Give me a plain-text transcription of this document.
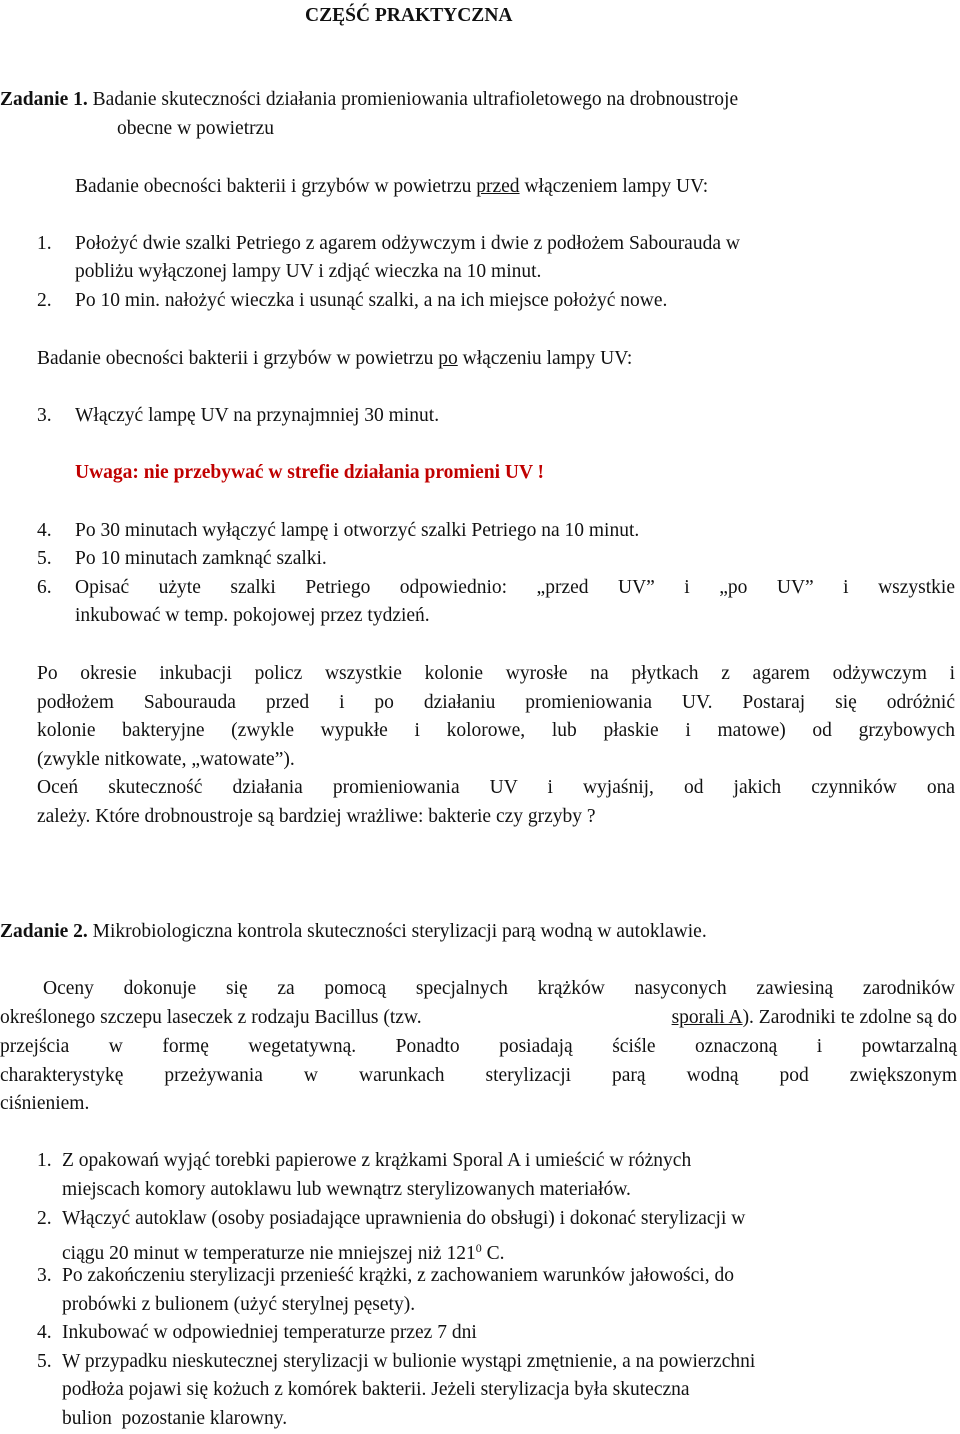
CZĘŚĆ PRAKTYCZNA
Zadanie 1. Badanie skuteczności działania promieniowania ultrafioletowego na drobnoustroje
obecne w powietrzu
Badanie obecności bakterii i grzybów w powietrzu przed włączeniem lampy UV:
1. Położyć dwie szalki Petriego z agarem odżywczym i dwie z podłożem Sabourauda w
pobliżu wyłączonej lampy UV i zdjąć wieczka na 10 minut.
2. Po 10 min. nałożyć wieczka i usunąć szalki, a na ich miejsce położyć nowe.
Badanie obecności bakterii i grzybów w powietrzu po włączeniu lampy UV:
3. Włączyć lampę UV na przynajmniej 30 minut.
Uwaga: nie przebywać w strefie działania promieni UV !
4. Po 30 minutach wyłączyć lampę i otworzyć szalki Petriego na 10 minut.
5. Po 10 minutach zamknąć szalki.
6. Opisać użyte szalki Petriego odpowiednio: „przed UV” i „po UV” i wszystkie
inkubować w temp. pokojowej przez tydzień.
Po okresie inkubacji policz wszystkie kolonie wyrosłe na płytkach z agarem odżywczym i
podłożem Sabourauda przed i po działaniu promieniowania UV. Postaraj się odróżnić
kolonie bakteryjne (zwykle wypukłe i kolorowe, lub płaskie i matowe) od grzybowych
(zwykle nitkowate, „watowate”).
Oceń skuteczność działania promieniowania UV i wyjaśnij, od jakich czynników ona
zależy. Które drobnoustroje są bardziej wrażliwe: bakterie czy grzyby ?
Zadanie 2. Mikrobiologiczna kontrola skuteczności sterylizacji parą wodną w autoklawie.
Oceny dokonuje się za pomocą specjalnych krążków nasyconych zawiesiną zarodników
określonego szczepu laseczek z rodzaju Bacillus (tzw.	sporali A). Zarodniki te zdolne są do
przejścia w formę wegetatywną. Ponadto posiadają ściśle oznaczoną i powtarzalną
charakterystykę przeżywania w warunkach sterylizacji parą wodną pod zwiększonym
ciśnieniem.
1. Z opakowań wyjąć torebki papierowe z krążkami Sporal A i umieścić w różnych
miejscach komory autoklawu lub wewnątrz sterylizowanych materiałów.
2. Włączyć autoklaw (osoby posiadające uprawnienia do obsługi) i dokonać sterylizacji w
ciągu 20 minut w temperaturze nie mniejszej niż $121^0$ C.
3. Po zakończeniu sterylizacji przenieść krążki, z zachowaniem warunków jałowości, do
probówki z bulionem (użyć sterylnej pęsety).
4. Inkubować w odpowiedniej temperaturze przez 7 dni
5. W przypadku nieskutecznej sterylizacji w bulionie wystąpi zmętnienie, a na powierzchni
podłoża pojawi się kożuch z komórek bakterii. Jeżeli sterylizacja była skuteczna
bulion  pozostanie klarowny.
